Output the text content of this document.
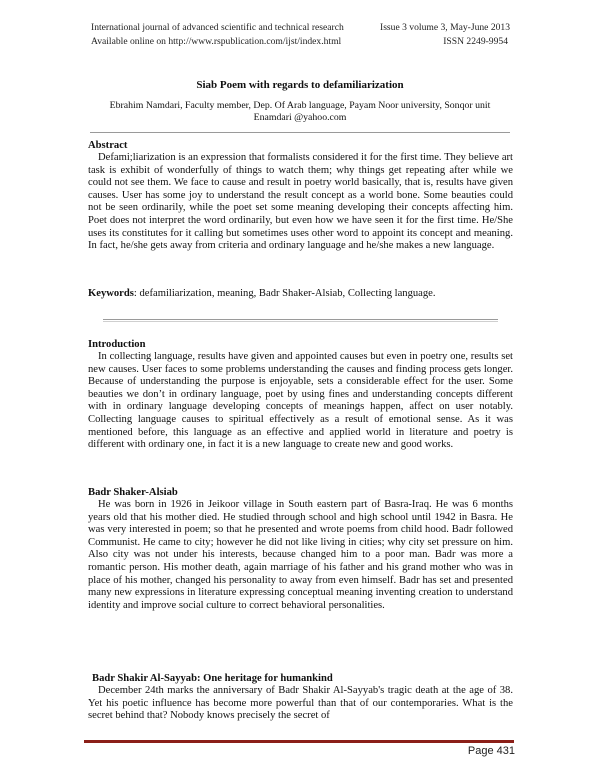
International journal of advanced scientific and technical research	Issue 3 volume 3, May-June 2013
Available online on http://www.rspublication.com/ijst/index.html	ISSN 2249-9954
Siab Poem with regards to defamiliarization
Ebrahim Namdari, Faculty member, Dep. Of Arab language, Payam Noor university, Sonqor unit
Enamdari @yahoo.com
Abstract
Defami;liarization is an expression that formalists considered it for the first time. They believe art task is exhibit of wonderfully of things to watch them; why things get repeating after while we could not see them. We face to cause and result in poetry world basically, that is, results have given causes. User has some joy to understand the result concept as a world bone. Some beauties could not be seen ordinarily, while the poet set some meaning developing their concepts affecting him. Poet does not interpret the word ordinarily, but even how we have seen it for the first time. He/She uses its constitutes for it calling but sometimes uses other word to appoint its concept and meaning. In fact, he/she gets away from criteria and ordinary language and he/she makes a new language.
Keywords: defamiliarization, meaning, Badr Shaker-Alsiab, Collecting language.
Introduction
In collecting language, results have given and appointed causes but even in poetry one, results set new causes. User faces to some problems understanding the causes and finding process gets longer. Because of understanding the purpose is enjoyable, sets a considerable effect for the user. Some beauties we don’t in ordinary language, poet by using fines and understanding concepts different with in ordinary language developing concepts of meanings happen, affect on user notably. Collecting language causes to spiritual effectively as a result of emotional sense. As it was mentioned before, this language as an effective and applied world in literature and poetry is different with ordinary one, in fact it is a new language to create new and good works.
Badr Shaker-Alsiab
He was born in 1926 in Jeikoor village in South eastern part of Basra-Iraq. He was 6 months years old that his mother died. He studied through school and high school until 1942 in Basra. He was very interested in poem; so that he presented and wrote poems from child hood. Badr followed Communist. He came to city; however he did not like living in cities; why city set pressure on him. Also city was not under his interests, because changed him to a poor man. Badr was more a romantic person. His mother death, again marriage of his father and his grand mother who was in place of his mother, changed his personality to away from even himself. Badr has set and presented many new expressions in literature expressing conceptual meaning inventing creation to understand identity and improve social culture to correct behavioral personalities.
Badr Shakir Al-Sayyab: One heritage for humankind
December 24th marks the anniversary of Badr Shakir Al-Sayyab's tragic death at the age of 38. Yet his poetic influence has become more powerful than that of our contemporaries. What is the secret behind that? Nobody knows precisely the secret of
Page 431
